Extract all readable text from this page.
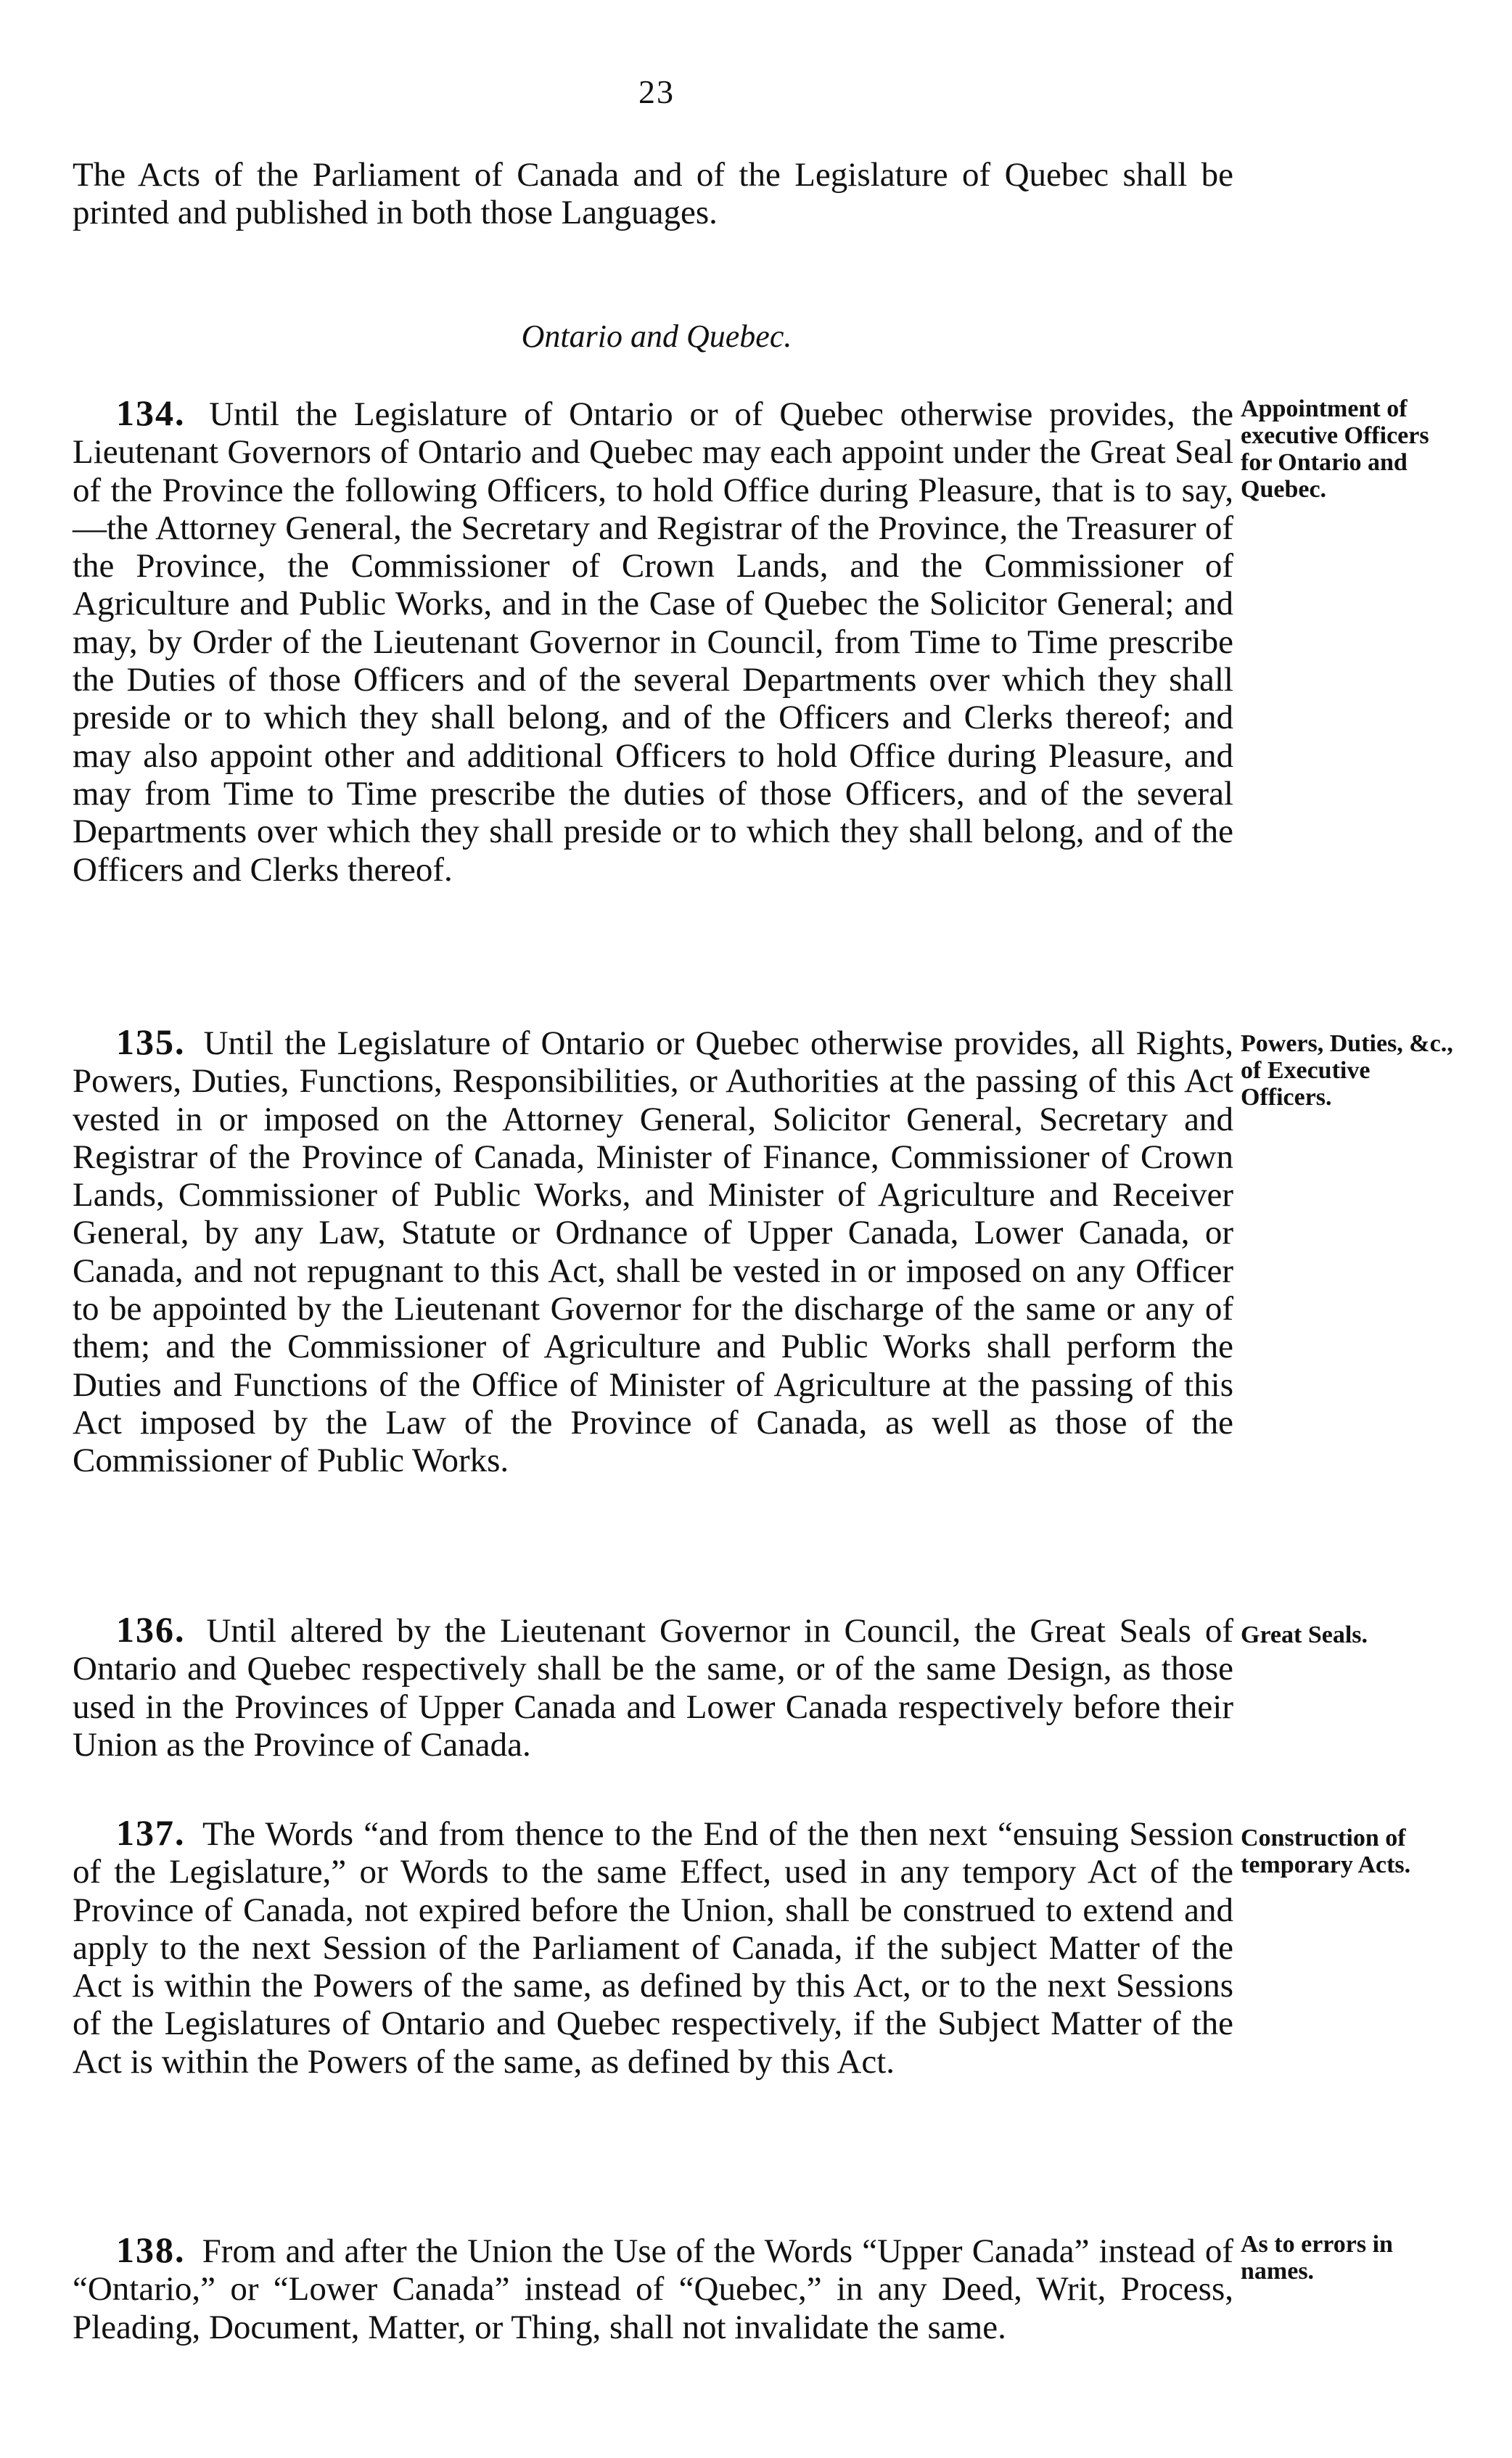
23

The Acts of the Parliament of Canada and of the Legislature of Quebec shall be printed and published in both those Languages.

Ontario and Quebec.

134. Until the Legislature of Ontario or of Quebec otherwise provides, the Lieutenant Governors of Ontario and Quebec may each appoint under the Great Seal of the Province the following Officers, to hold Office during Pleasure, that is to say,—the Attorney General, the Secretary and Registrar of the Province, the Treasurer of the Province, the Commissioner of Crown Lands, and the Commissioner of Agriculture and Public Works, and in the Case of Quebec the Solicitor General; and may, by Order of the Lieutenant Governor in Council, from Time to Time prescribe the Duties of those Officers and of the several Departments over which they shall preside or to which they shall belong, and of the Officers and Clerks thereof; and may also appoint other and additional Officers to hold Office during Pleasure, and may from Time to Time prescribe the duties of those Officers, and of the several Departments over which they shall preside or to which they shall belong, and of the Officers and Clerks thereof.

Appointment of executive Officers for Ontario and Quebec.

135. Until the Legislature of Ontario or Quebec otherwise provides, all Rights, Powers, Duties, Functions, Responsibilities, or Authorities at the passing of this Act vested in or imposed on the Attorney General, Solicitor General, Secretary and Registrar of the Province of Canada, Minister of Finance, Commissioner of Crown Lands, Commissioner of Public Works, and Minister of Agriculture and Receiver General, by any Law, Statute or Ordnance of Upper Canada, Lower Canada, or Canada, and not repugnant to this Act, shall be vested in or imposed on any Officer to be appointed by the Lieutenant Governor for the discharge of the same or any of them; and the Commissioner of Agriculture and Public Works shall perform the Duties and Functions of the Office of Minister of Agriculture at the passing of this Act imposed by the Law of the Province of Canada, as well as those of the Commissioner of Public Works.

Powers, Duties, &c., of Executive Officers.

136. Until altered by the Lieutenant Governor in Council, the Great Seals of Ontario and Quebec respectively shall be the same, or of the same Design, as those used in the Provinces of Upper Canada and Lower Canada respectively before their Union as the Province of Canada.

Great Seals.

137. The Words “and from thence to the End of the then next “ensuing Session of the Legislature,” or Words to the same Effect, used in any tempory Act of the Province of Canada, not expired before the Union, shall be construed to extend and apply to the next Session of the Parliament of Canada, if the subject Matter of the Act is within the Powers of the same, as defined by this Act, or to the next Sessions of the Legislatures of Ontario and Quebec respectively, if the Subject Matter of the Act is within the Powers of the same, as defined by this Act.

Construction of temporary Acts.

138. From and after the Union the Use of the Words “Upper Canada” instead of “Ontario,” or “Lower Canada” instead of “Quebec,” in any Deed, Writ, Process, Pleading, Document, Matter, or Thing, shall not invalidate the same.

As to errors in names.
